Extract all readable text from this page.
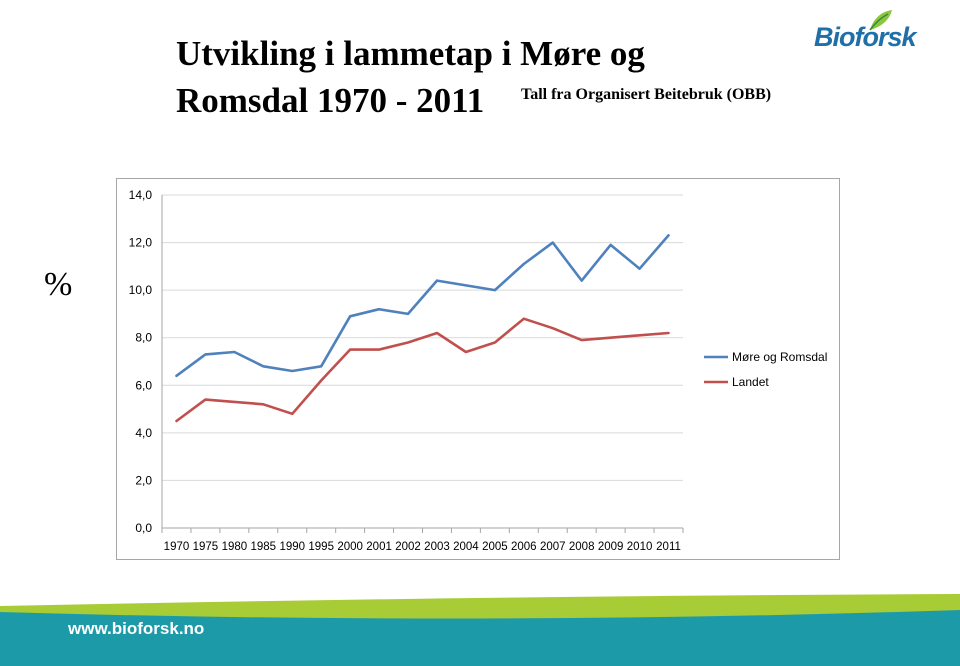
Utvikling i lammetap i Møre og Romsdal 1970 - 2011	Tall fra Organisert Beitebruk (OBB)
Bioforsk
%
0,0
2,0
4,0
6,0
8,0
10,0
12,0
14,0
1970 1975 1980 1985 1990 1995 2000 2001 2002 2003 2004 2005 2006 2007 2008 2009 2010 2011
Møre og Romsdal
Landet
www.bioforsk.no
